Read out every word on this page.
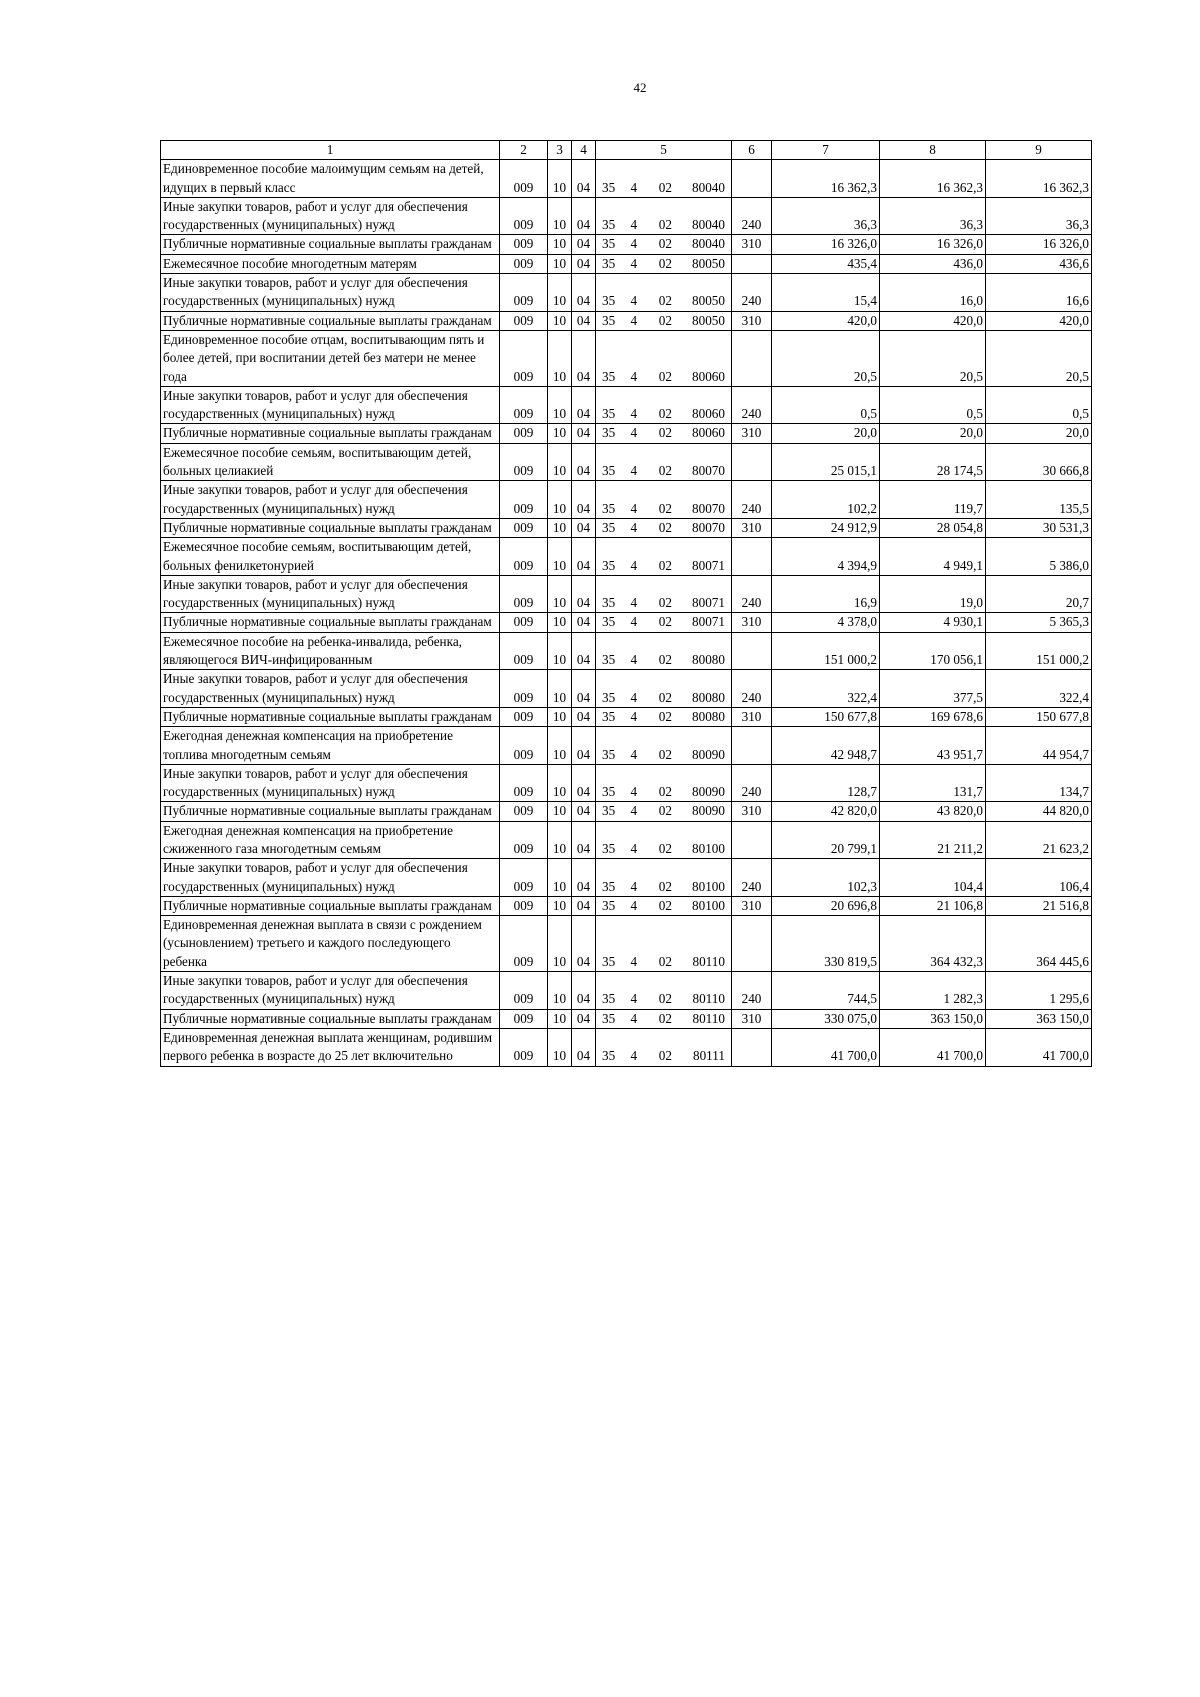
42
1	2	3	4	5	6	7	8	9
Единовременное пособие малоимущим семьям на детей, идущих в первый класс	009	10	04	35 4 02 80040		16 362,3	16 362,3	16 362,3
Иные закупки товаров, работ и услуг для обеспечения государственных (муниципальных) нужд	009	10	04	35 4 02 80040	240	36,3	36,3	36,3
Публичные нормативные социальные выплаты гражданам	009	10	04	35 4 02 80040	310	16 326,0	16 326,0	16 326,0
Ежемесячное пособие многодетным матерям	009	10	04	35 4 02 80050		435,4	436,0	436,6
Иные закупки товаров, работ и услуг для обеспечения государственных (муниципальных) нужд	009	10	04	35 4 02 80050	240	15,4	16,0	16,6
Публичные нормативные социальные выплаты гражданам	009	10	04	35 4 02 80050	310	420,0	420,0	420,0
Единовременное пособие отцам, воспитывающим пять и более детей, при воспитании детей без матери не менее года	009	10	04	35 4 02 80060		20,5	20,5	20,5
Иные закупки товаров, работ и услуг для обеспечения государственных (муниципальных) нужд	009	10	04	35 4 02 80060	240	0,5	0,5	0,5
Публичные нормативные социальные выплаты гражданам	009	10	04	35 4 02 80060	310	20,0	20,0	20,0
Ежемесячное пособие семьям, воспитывающим детей, больных целиакией	009	10	04	35 4 02 80070		25 015,1	28 174,5	30 666,8
Иные закупки товаров, работ и услуг для обеспечения государственных (муниципальных) нужд	009	10	04	35 4 02 80070	240	102,2	119,7	135,5
Публичные нормативные социальные выплаты гражданам	009	10	04	35 4 02 80070	310	24 912,9	28 054,8	30 531,3
Ежемесячное пособие семьям, воспитывающим детей, больных фенилкетонурией	009	10	04	35 4 02 80071		4 394,9	4 949,1	5 386,0
Иные закупки товаров, работ и услуг для обеспечения государственных (муниципальных) нужд	009	10	04	35 4 02 80071	240	16,9	19,0	20,7
Публичные нормативные социальные выплаты гражданам	009	10	04	35 4 02 80071	310	4 378,0	4 930,1	5 365,3
Ежемесячное пособие на ребенка-инвалида, ребенка, являющегося ВИЧ-инфицированным	009	10	04	35 4 02 80080		151 000,2	170 056,1	151 000,2
Иные закупки товаров, работ и услуг для обеспечения государственных (муниципальных) нужд	009	10	04	35 4 02 80080	240	322,4	377,5	322,4
Публичные нормативные социальные выплаты гражданам	009	10	04	35 4 02 80080	310	150 677,8	169 678,6	150 677,8
Ежегодная денежная компенсация на приобретение топлива многодетным семьям	009	10	04	35 4 02 80090		42 948,7	43 951,7	44 954,7
Иные закупки товаров, работ и услуг для обеспечения государственных (муниципальных) нужд	009	10	04	35 4 02 80090	240	128,7	131,7	134,7
Публичные нормативные социальные выплаты гражданам	009	10	04	35 4 02 80090	310	42 820,0	43 820,0	44 820,0
Ежегодная денежная компенсация на приобретение сжиженного газа многодетным семьям	009	10	04	35 4 02 80100		20 799,1	21 211,2	21 623,2
Иные закупки товаров, работ и услуг для обеспечения государственных (муниципальных) нужд	009	10	04	35 4 02 80100	240	102,3	104,4	106,4
Публичные нормативные социальные выплаты гражданам	009	10	04	35 4 02 80100	310	20 696,8	21 106,8	21 516,8
Единовременная денежная выплата в связи с рождением (усыновлением) третьего и каждого последующего ребенка	009	10	04	35 4 02 80110		330 819,5	364 432,3	364 445,6
Иные закупки товаров, работ и услуг для обеспечения государственных (муниципальных) нужд	009	10	04	35 4 02 80110	240	744,5	1 282,3	1 295,6
Публичные нормативные социальные выплаты гражданам	009	10	04	35 4 02 80110	310	330 075,0	363 150,0	363 150,0
Единовременная денежная выплата женщинам, родившим первого ребенка в возрасте до 25 лет включительно	009	10	04	35 4 02 80111		41 700,0	41 700,0	41 700,0
